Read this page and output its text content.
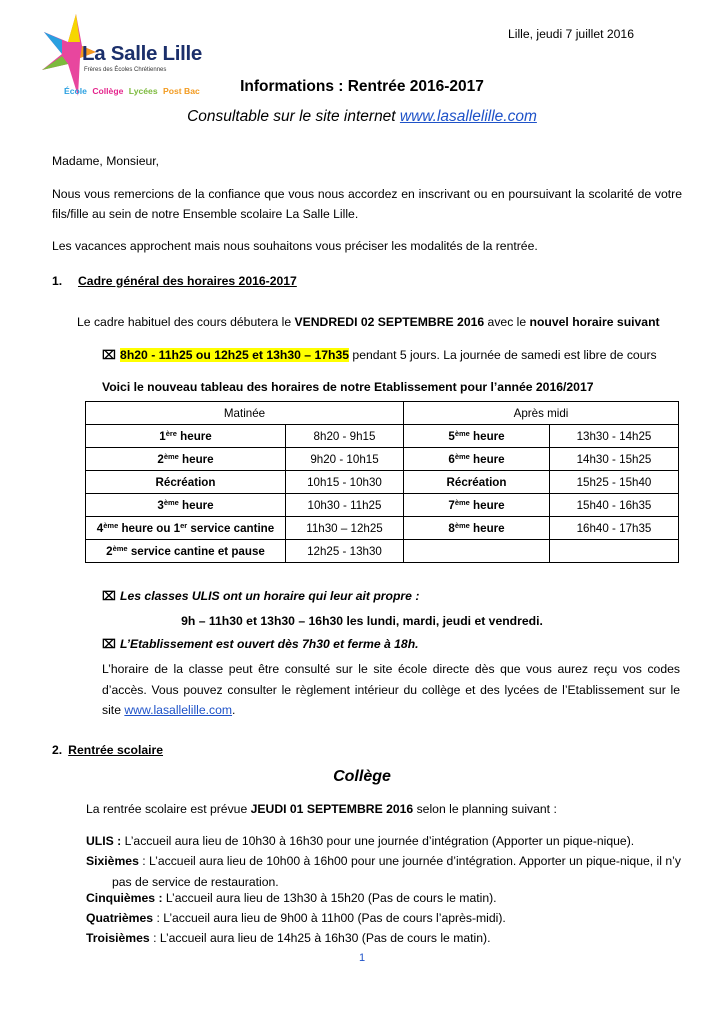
La Salle Lille
Frères des Écoles Chrétiennes
École Collège Lycées Post Bac
Lille, jeudi 7 juillet 2016
Informations : Rentrée 2016-2017
Consultable sur le site internet www.lasallelille.com
Madame, Monsieur,
Nous vous remercions de la confiance que vous nous accordez en inscrivant ou en poursuivant la scolarité de votre fils/fille au sein de notre Ensemble scolaire La Salle Lille.
Les vacances approchent mais nous souhaitons vous préciser les modalités de la rentrée.
1. Cadre général des horaires 2016-2017
Le cadre habituel des cours débutera le VENDREDI 02 SEPTEMBRE 2016 avec le nouvel horaire suivant
⌧ 8h20 - 11h25 ou 12h25 et 13h30 – 17h35 pendant 5 jours. La journée de samedi est libre de cours
Voici le nouveau tableau des horaires de notre Etablissement pour l’année 2016/2017
Matinée		Après midi	
1ère heure	8h20 - 9h15	5ème heure	13h30 - 14h25
2ème heure	9h20 - 10h15	6ème heure	14h30 - 15h25
Récréation	10h15 - 10h30	Récréation	15h25 - 15h40
3ème heure	10h30 - 11h25	7ème heure	15h40 - 16h35
4ème heure ou 1er service cantine	11h30 – 12h25	8ème heure	16h40 - 17h35
2ème service cantine et pause	12h25 - 13h30		
⌧ Les classes ULIS ont un horaire qui leur ait propre :
9h – 11h30 et 13h30 – 16h30 les lundi, mardi, jeudi et vendredi.
⌧ L’Etablissement est ouvert dès 7h30 et ferme à 18h.
L’horaire de la classe peut être consulté sur le site école directe dès que vous aurez reçu vos codes d’accès. Vous pouvez consulter le règlement intérieur du collège et des lycées de l’Etablissement sur le site www.lasallelille.com.
2. Rentrée scolaire
Collège
La rentrée scolaire est prévue JEUDI 01 SEPTEMBRE 2016 selon le planning suivant :
ULIS : L’accueil aura lieu de 10h30 à 16h30 pour une journée d’intégration (Apporter un pique-nique).
Sixièmes : L’accueil aura lieu de 10h00 à 16h00 pour une journée d’intégration. Apporter un pique-nique, il n’y
pas de service de restauration.
Cinquièmes : L’accueil aura lieu de 13h30 à 15h20 (Pas de cours le matin).
Quatrièmes : L’accueil aura lieu de 9h00 à 11h00 (Pas de cours l’après-midi).
Troisièmes : L’accueil aura lieu de 14h25 à 16h30 (Pas de cours le matin).
1
